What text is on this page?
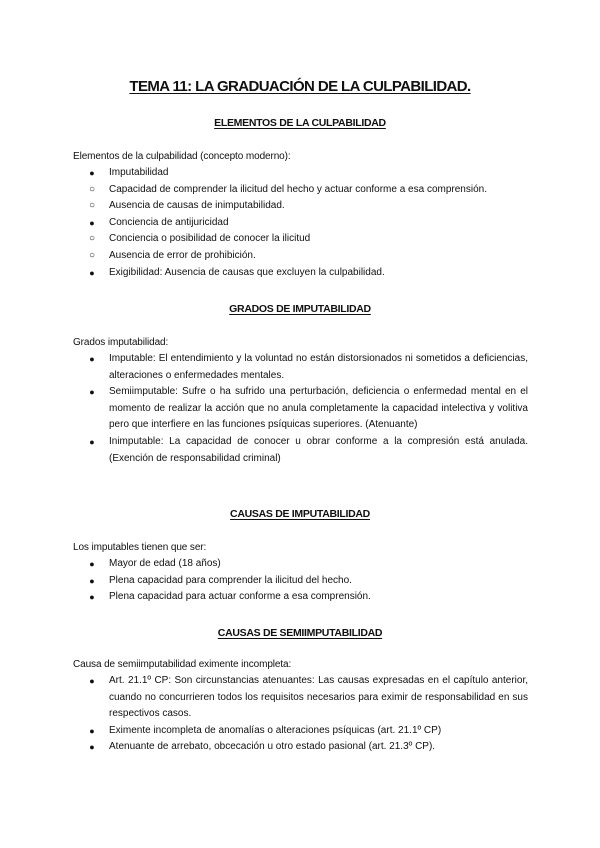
TEMA 11: LA GRADUACIÓN DE LA CULPABILIDAD.
ELEMENTOS DE LA CULPABILIDAD
Elementos de la culpabilidad (concepto moderno):
●	Imputabilidad
○ Capacidad de comprender la ilicitud del hecho y actuar conforme a esa comprensión.
○ Ausencia de causas de inimputabilidad.
●	Conciencia de antijuricidad
○ Conciencia o posibilidad de conocer la ilicitud
○ Ausencia de error de prohibición.
●	Exigibilidad: Ausencia de causas que excluyen la culpabilidad.
GRADOS DE IMPUTABILIDAD
Grados imputabilidad:
●	Imputable: El entendimiento y la voluntad no están distorsionados ni sometidos a deficiencias, alteraciones o enfermedades mentales.
●	Semiimputable: Sufre o ha sufrido una perturbación, deficiencia o enfermedad mental en el momento de realizar la acción que no anula completamente la capacidad intelectiva y volitiva pero que interfiere en las funciones psíquicas superiores. (Atenuante)
●	Inimputable: La capacidad de conocer u obrar conforme a la compresión está anulada. (Exención de responsabilidad criminal)
CAUSAS DE IMPUTABILIDAD
Los imputables tienen que ser:
●	Mayor de edad (18 años)
●	Plena capacidad para comprender la ilicitud del hecho.
●	Plena capacidad para actuar conforme a esa comprensión.
CAUSAS DE SEMIIMPUTABILIDAD
Causa de semiimputabilidad eximente incompleta:
●	Art. 21.1º CP: Son circunstancias atenuantes: Las causas expresadas en el capítulo anterior, cuando no concurrieren todos los requisitos necesarios para eximir de responsabilidad en sus respectivos casos.
●	Eximente incompleta de anomalías o alteraciones psíquicas (art. 21.1º CP)
●	Atenuante de arrebato, obcecación u otro estado pasional (art. 21.3º CP).
